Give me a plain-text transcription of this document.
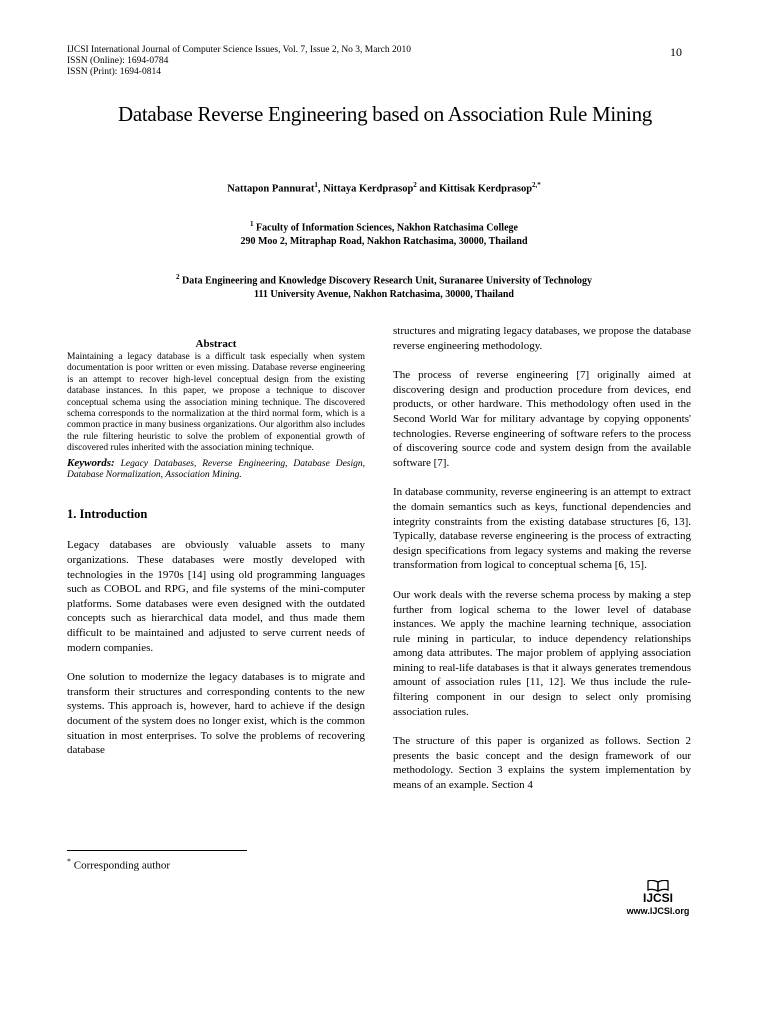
IJCSI International Journal of Computer Science Issues, Vol. 7, Issue 2, No 3, March 2010
ISSN (Online): 1694-0784
ISSN (Print): 1694-0814
10
Database Reverse Engineering based on Association Rule Mining
Nattapon Pannurat$^1$, Nittaya Kerdprasop$^2$ and Kittisak Kerdprasop$^{2,*}$
$^1$ Faculty of Information Sciences, Nakhon Ratchasima College
290 Moo 2, Mitraphap Road, Nakhon Ratchasima, 30000, Thailand
$^2$ Data Engineering and Knowledge Discovery Research Unit, Suranaree University of Technology
111 University Avenue, Nakhon Ratchasima, 30000, Thailand
Abstract

Maintaining a legacy database is a difficult task especially when system documentation is poor written or even missing. Database reverse engineering is an attempt to recover high-level conceptual design from the existing database instances. In this paper, we propose a technique to discover conceptual schema using the association mining technique. The discovered schema corresponds to the normalization at the third normal form, which is a common practice in many business organizations. Our algorithm also includes the rule filtering heuristic to solve the problem of exponential growth of discovered rules inherited with the association mining technique.

Keywords: Legacy Databases, Reverse Engineering, Database Design, Database Normalization, Association Mining.

1. Introduction

Legacy databases are obviously valuable assets to many organizations. These databases were mostly developed with technologies in the 1970s [14] using old programming languages such as COBOL and RPG, and file systems of the mini-computer platforms. Some databases were even designed with the outdated concepts such as hierarchical data model, and thus made them difficult to be maintained and adjusted to serve current needs of modern companies.

One solution to modernize the legacy databases is to migrate and transform their structures and corresponding contents to the new systems. This approach is, however, hard to achieve if the design document of the system does no longer exist, which is the common situation in most enterprises. To solve the problems of recovering database

structures and migrating legacy databases, we propose the database reverse engineering methodology.

The process of reverse engineering [7] originally aimed at discovering design and production procedure from devices, end products, or other hardware. This methodology often used in the Second World War for military advantage by copying opponents' technologies. Reverse engineering of software refers to the process of discovering source code and system design from the available software [7].

In database community, reverse engineering is an attempt to extract the domain semantics such as keys, functional dependencies and integrity constraints from the existing database structures [6, 13]. Typically, database reverse engineering is the process of extracting design specifications from legacy systems and making the reverse transformation from logical to conceptual schema [6, 15].

Our work deals with the reverse schema process by making a step further from logical schema to the lower level of database instances. We apply the machine learning technique, association rule mining in particular, to induce dependency relationships among data attributes. The major problem of applying association mining to real-life databases is that it always generates tremendous amount of association rules [11, 12]. We thus include the rule- filtering component in our design to select only promising association rules.

The structure of this paper is organized as follows. Section 2 presents the basic concept and the design framework of our methodology. Section 3 explains the system implementation by means of an example. Section 4

* Corresponding author
IJCSI
www.IJCSI.org
